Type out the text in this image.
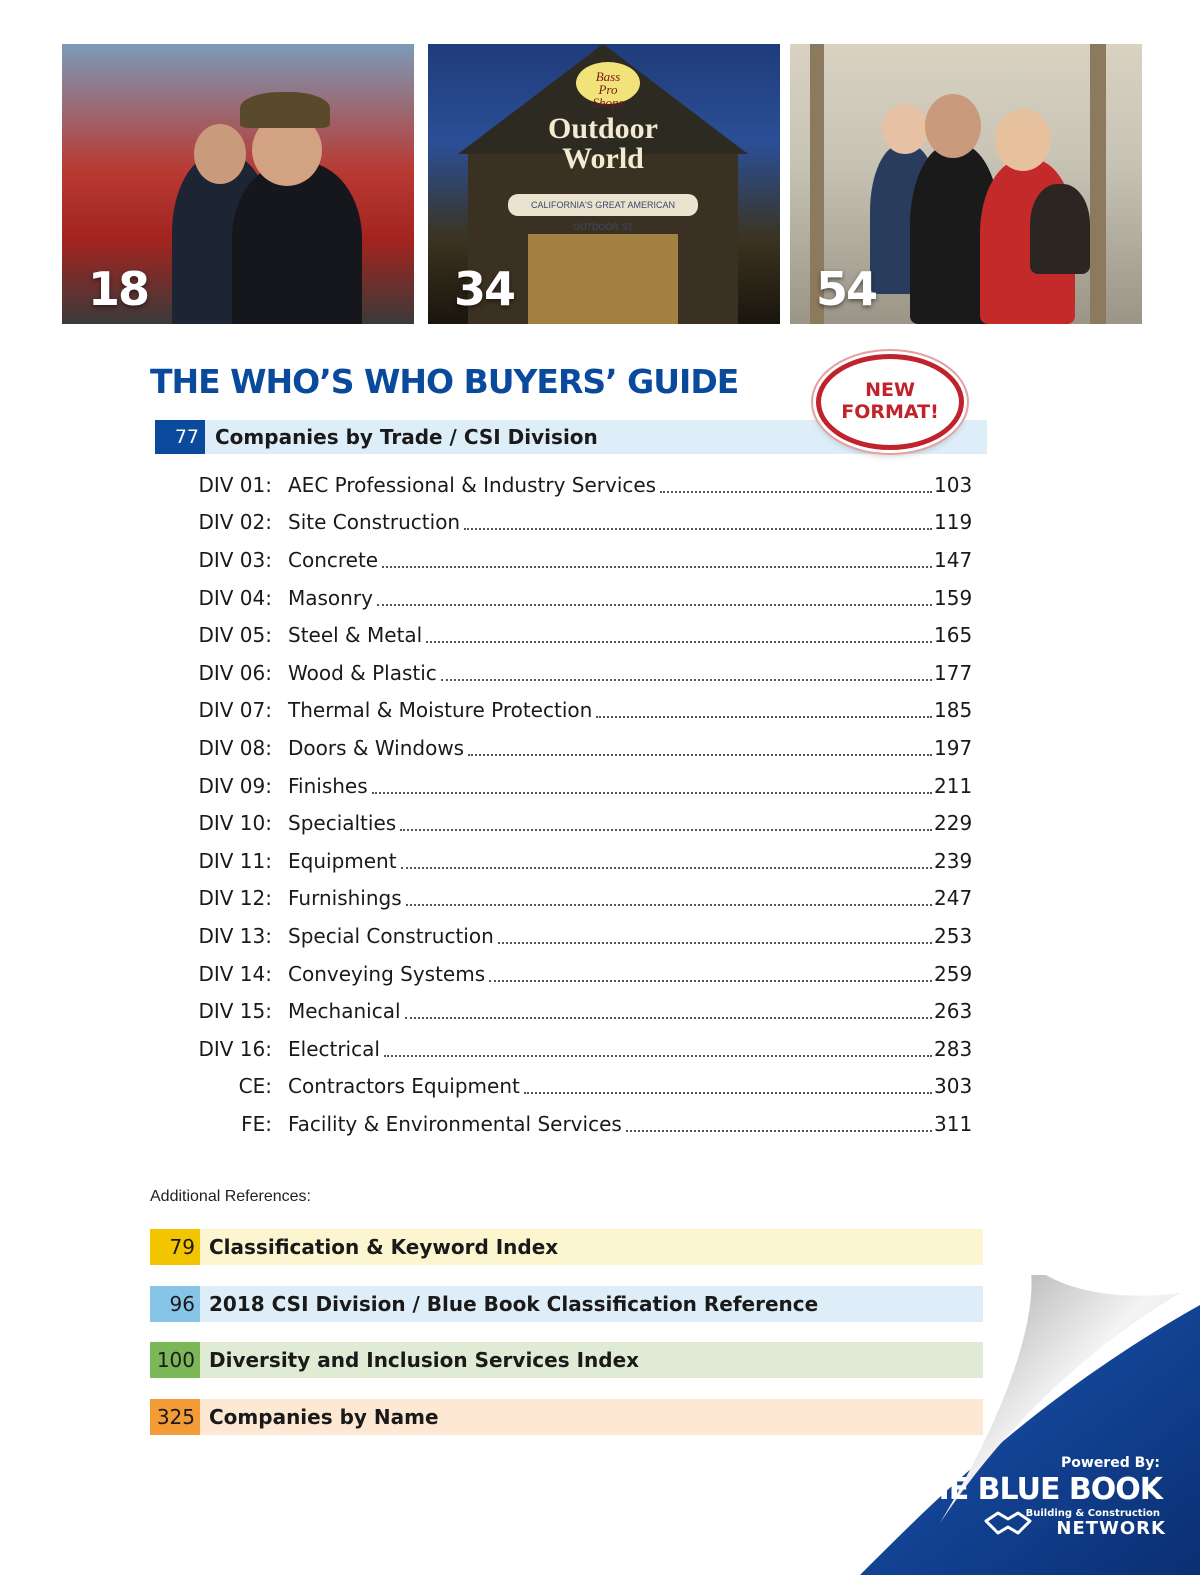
18
Bass
Pro
Shops
Outdoor
World
CALIFORNIA'S GREAT AMERICAN OUTDOOR ST
34	54
THE WHO’S WHO BUYERS’ GUIDE	NEW
FORMAT!
77 Companies by Trade / CSI Division
DIV 01: AEC Professional & Industry Services	103
DIV 02: Site Construction	119
DIV 03: Concrete	147
DIV 04: Masonry	159
DIV 05: Steel & Metal	165
DIV 06: Wood & Plastic	177
DIV 07: Thermal & Moisture Protection	185
DIV 08: Doors & Windows	197
DIV 09: Finishes	211
DIV 10: Specialties	229
DIV 11: Equipment	239
DIV 12: Furnishings	247
DIV 13: Special Construction	253
DIV 14: Conveying Systems	259
DIV 15: Mechanical	263
DIV 16: Electrical	283
CE: Contractors Equipment	303
FE: Facility & Environmental Services	311
Additional References:
79 Classification & Keyword Index
96 2018 CSI Division / Blue Book Classification Reference
100 Diversity and Inclusion Services Index
325 Companies by Name
Powered By:
THE BLUE BOOK
Building & Construction
NETWORK
